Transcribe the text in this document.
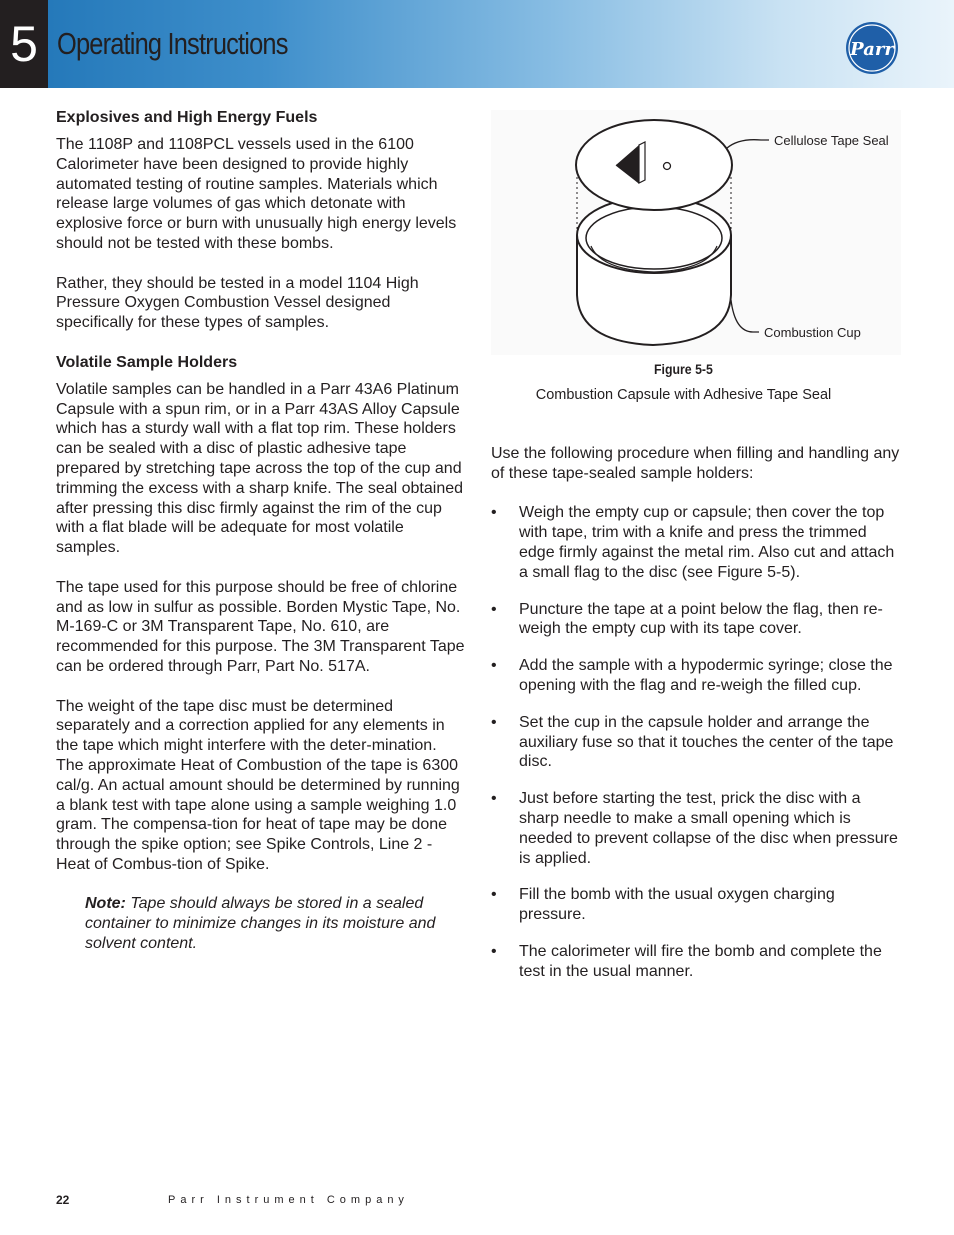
5 Operating Instructions	Parr
Explosives and High Energy Fuels

The 1108P and 1108PCL vessels used in the 6100 Calorimeter have been designed to provide highly automated testing of routine samples. Materials which release large volumes of gas which detonate with explosive force or burn with unusually high energy levels should not be tested with these bombs.

Rather, they should be tested in a model 1104 High Pressure Oxygen Combustion Vessel designed specifically for these types of samples.

Volatile Sample Holders

Volatile samples can be handled in a Parr 43A6 Platinum Capsule with a spun rim, or in a Parr 43AS Alloy Capsule which has a sturdy wall with a flat top rim. These holders can be sealed with a disc of plastic adhesive tape prepared by stretching tape across the top of the cup and trimming the excess with a sharp knife. The seal obtained after pressing this disc firmly against the rim of the cup with a flat blade will be adequate for most volatile samples.

The tape used for this purpose should be free of chlorine and as low in sulfur as possible. Borden Mystic Tape, No. M-169-C or 3M Transparent Tape, No. 610, are recommended for this purpose. The 3M Transparent Tape can be ordered through Parr, Part No. 517A.

The weight of the tape disc must be determined separately and a correction applied for any elements in the tape which might interfere with the deter-mination. The approximate Heat of Combustion of the tape is 6300 cal/g. An actual amount should be determined by running a blank test with tape alone using a sample weighing 1.0 gram. The compensa-tion for heat of tape may be done through the spike option; see Spike Controls, Line 2 - Heat of Combus-tion of Spike.

Note: Tape should always be stored in a sealed container to minimize changes in its moisture and solvent content.

Cellulose Tape Seal
Combustion Cup
Figure 5-5
Combustion Capsule with Adhesive Tape Seal

Use the following procedure when filling and handling any of these tape-sealed sample holders:

• Weigh the empty cup or capsule; then cover the top with tape, trim with a knife and press the trimmed edge firmly against the metal rim. Also cut and attach a small flag to the disc (see Figure 5-5).
• Puncture the tape at a point below the flag, then re-weigh the empty cup with its tape cover.
• Add the sample with a hypodermic syringe; close the opening with the flag and re-weigh the filled cup.
• Set the cup in the capsule holder and arrange the auxiliary fuse so that it touches the center of the tape disc.
• Just before starting the test, prick the disc with a sharp needle to make a small opening which is needed to prevent collapse of the disc when pressure is applied.
• Fill the bomb with the usual oxygen charging pressure.
• The calorimeter will fire the bomb and complete the test in the usual manner.
22	Parr Instrument Company
